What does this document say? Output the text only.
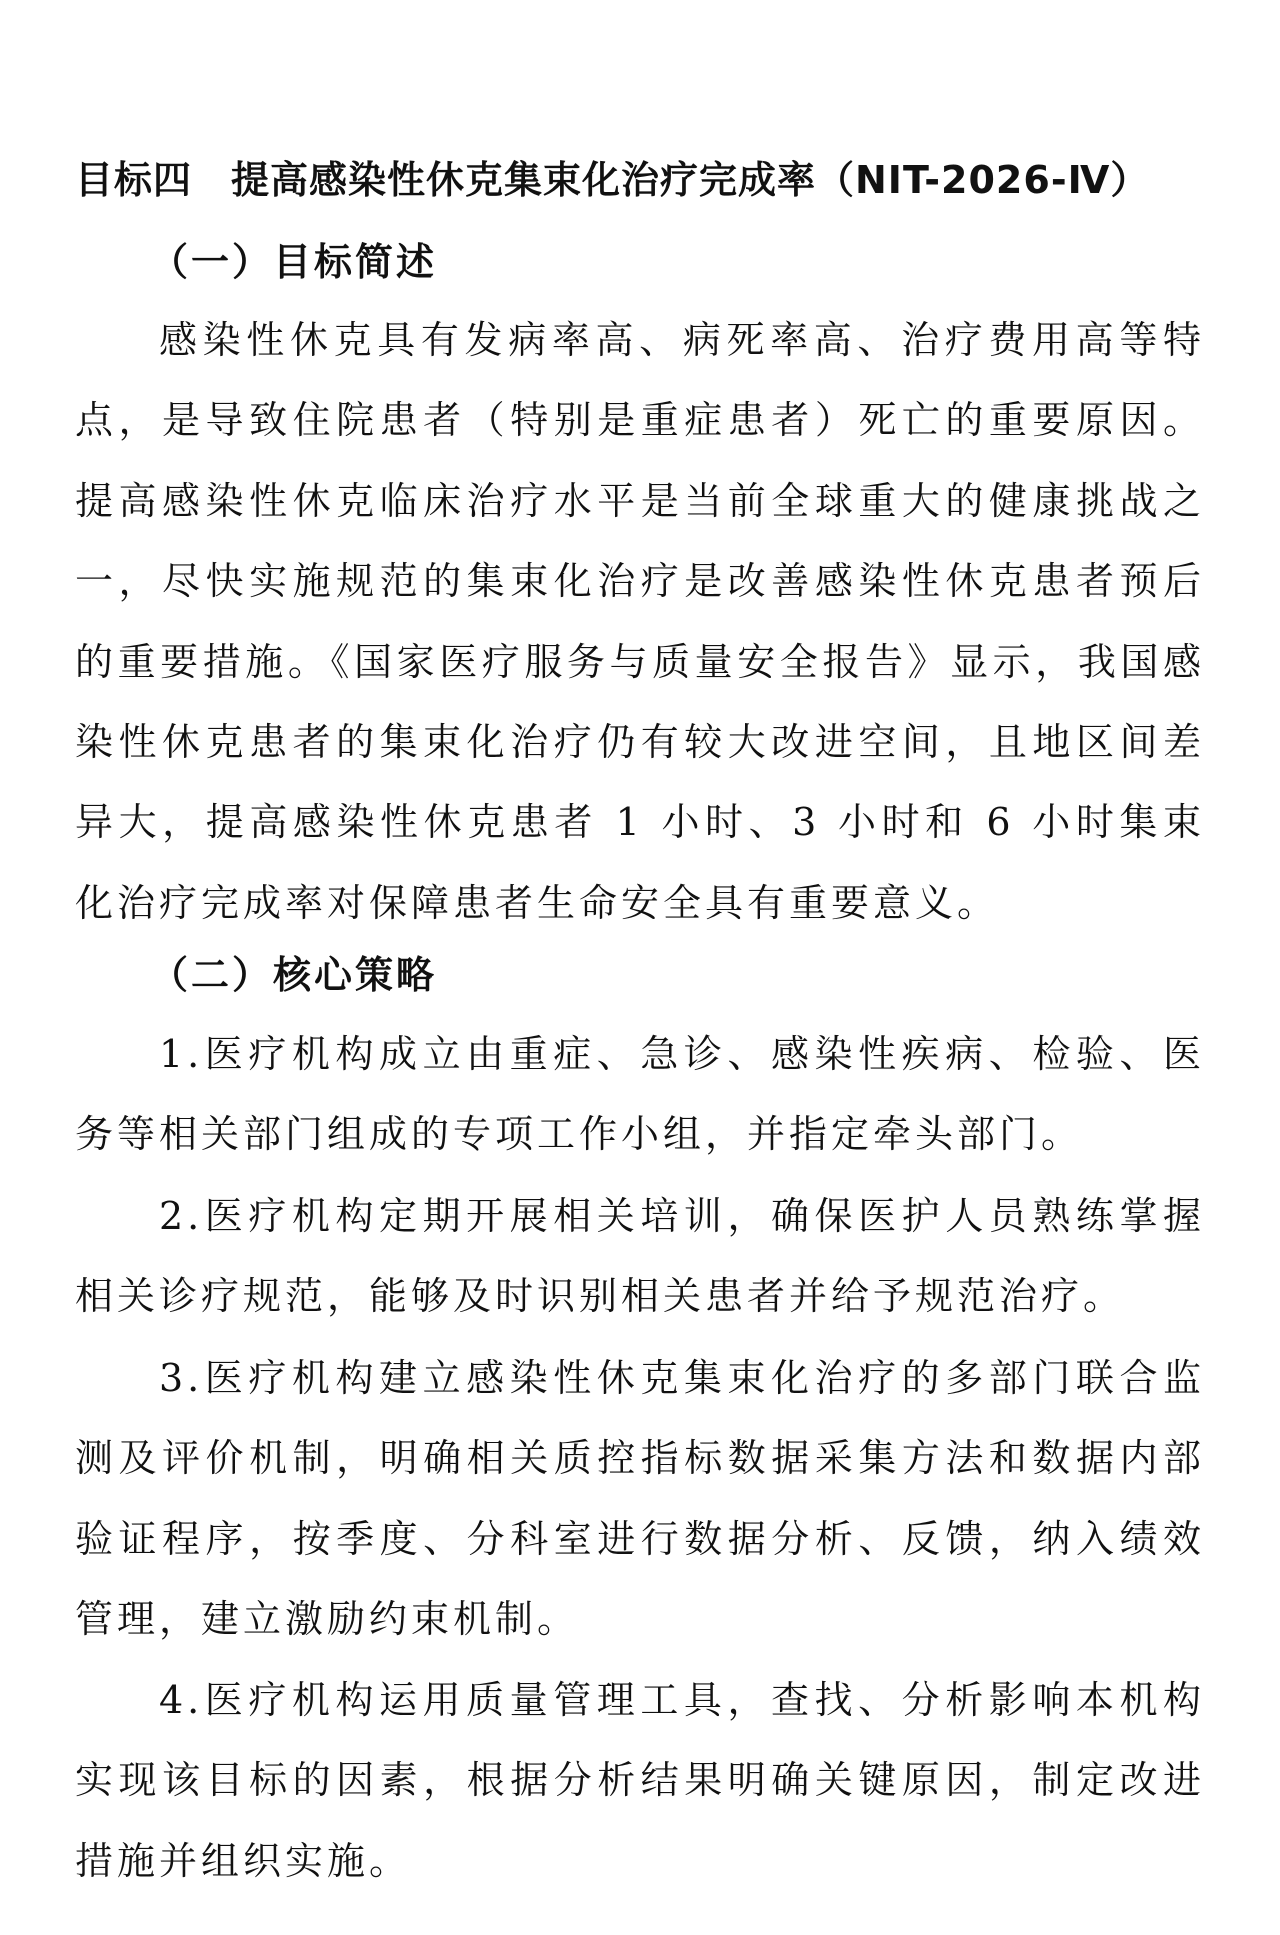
目标四　提高感染性休克集束化治疗完成率（NIT-2026-Ⅳ）
（一）目标简述

感染性休克具有发病率高、病死率高、治疗费用高等特点，是导致住院患者（特别是重症患者）死亡的重要原因。提高感染性休克临床治疗水平是当前全球重大的健康挑战之一，尽快实施规范的集束化治疗是改善感染性休克患者预后的重要措施。《国家医疗服务与质量安全报告》显示，我国感染性休克患者的集束化治疗仍有较大改进空间，且地区间差异大，提高感染性休克患者 1 小时、3 小时和 6 小时集束化治疗完成率对保障患者生命安全具有重要意义。

（二）核心策略

1.医疗机构成立由重症、急诊、感染性疾病、检验、医务等相关部门组成的专项工作小组，并指定牵头部门。

2.医疗机构定期开展相关培训，确保医护人员熟练掌握相关诊疗规范，能够及时识别相关患者并给予规范治疗。

3.医疗机构建立感染性休克集束化治疗的多部门联合监测及评价机制，明确相关质控指标数据采集方法和数据内部验证程序，按季度、分科室进行数据分析、反馈，纳入绩效管理，建立激励约束机制。

4.医疗机构运用质量管理工具，查找、分析影响本机构实现该目标的因素，根据分析结果明确关键原因，制定改进措施并组织实施。
